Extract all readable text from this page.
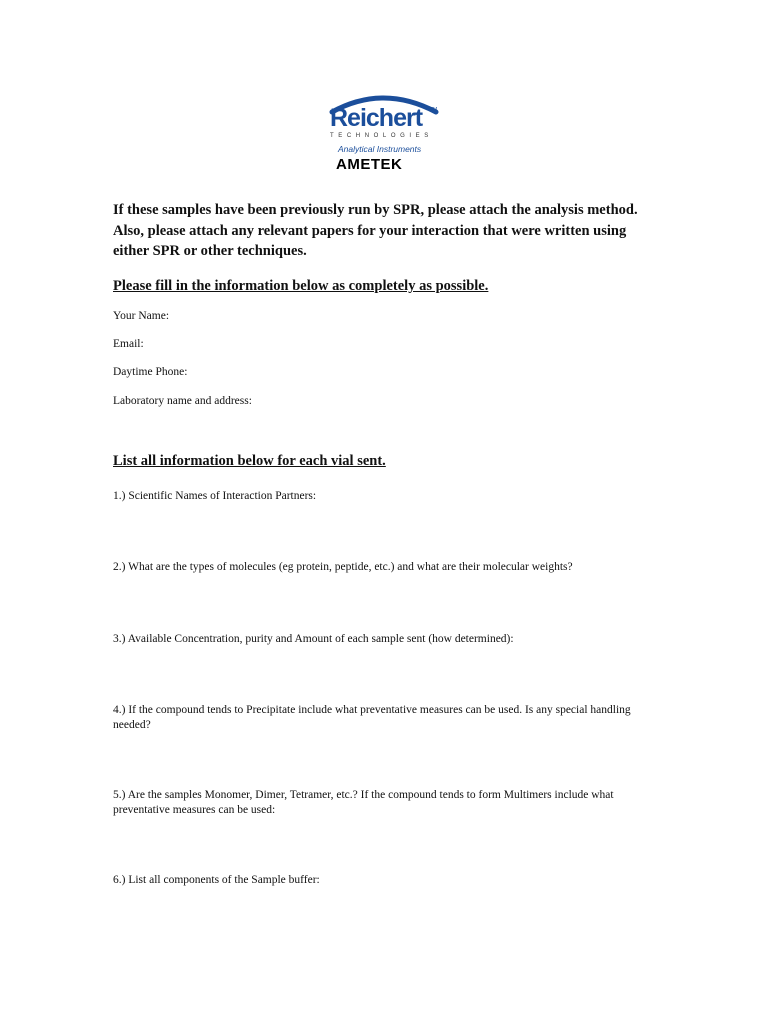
Reichert TM
TECHNOLOGIES
Analytical Instruments
AMETEK

If these samples have been previously run by SPR, please attach the analysis method. Also, please attach any relevant papers for your interaction that were written using either SPR or other techniques.

Please fill in the information below as completely as possible.

Your Name:

Email:

Daytime Phone:

Laboratory name and address:

List all information below for each vial sent.

1.) Scientific Names of Interaction Partners:

2.) What are the types of molecules (eg protein, peptide, etc.) and what are their molecular weights?

3.) Available Concentration, purity and Amount of each sample sent (how determined):

4.) If the compound tends to Precipitate include what preventative measures can be used. Is any special handling needed?

5.) Are the samples Monomer, Dimer, Tetramer, etc.? If the compound tends to form Multimers include what preventative measures can be used:

6.) List all components of the Sample buffer:
